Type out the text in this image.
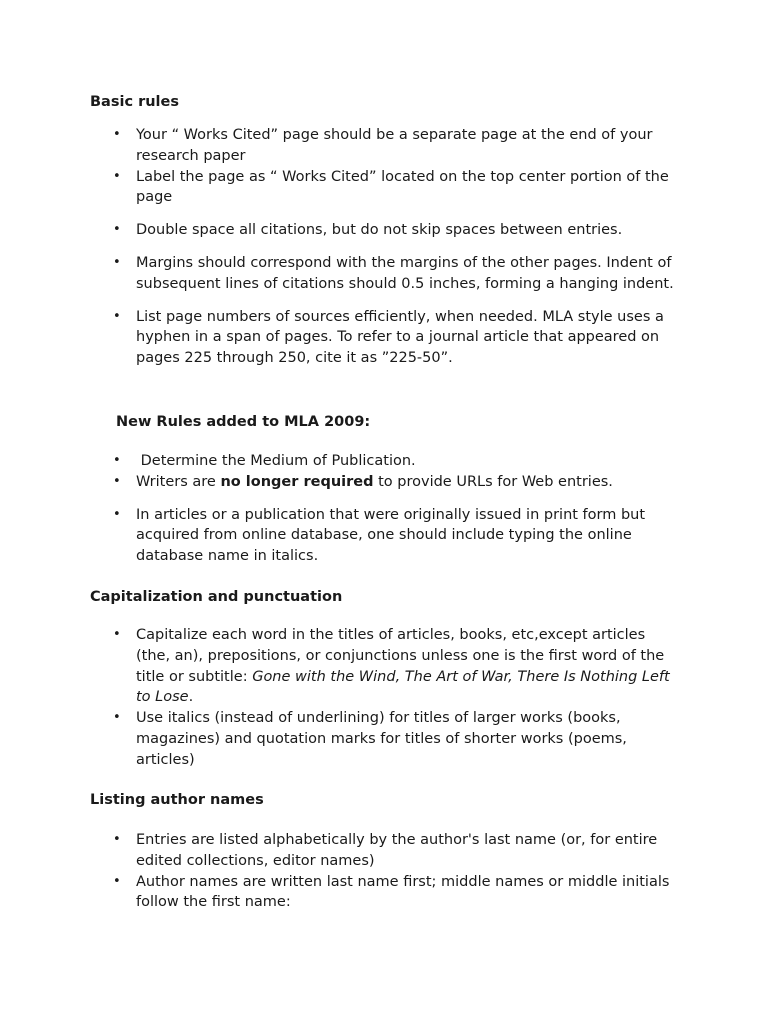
Basic rules
• Your “ Works Cited” page should be a separate page at the end of your research paper
• Label the page as “ Works Cited” located on the top center portion of the page
• Double space all citations, but do not skip spaces between entries.
• Margins should correspond with the margins of the other pages. Indent of subsequent lines of citations should 0.5 inches, forming a hanging indent.
• List page numbers of sources efficiently, when needed. MLA style uses a hyphen in a span of pages. To refer to a journal article that appeared on pages 225 through 250, cite it as ”225-50”.
New Rules added to MLA 2009:
• Determine the Medium of Publication.
• Writers are no longer required to provide URLs for Web entries.
• In articles or a publication that were originally issued in print form but acquired from online database, one should include typing the online database name in italics.
Capitalization and punctuation
• Capitalize each word in the titles of articles, books, etc,except articles (the, an), prepositions, or conjunctions unless one is the first word of the title or subtitle: Gone with the Wind, The Art of War, There Is Nothing Left to Lose.
• Use italics (instead of underlining) for titles of larger works (books, magazines) and quotation marks for titles of shorter works (poems, articles)
Listing author names
• Entries are listed alphabetically by the author's last name (or, for entire edited collections, editor names)
• Author names are written last name first; middle names or middle initials follow the first name:
